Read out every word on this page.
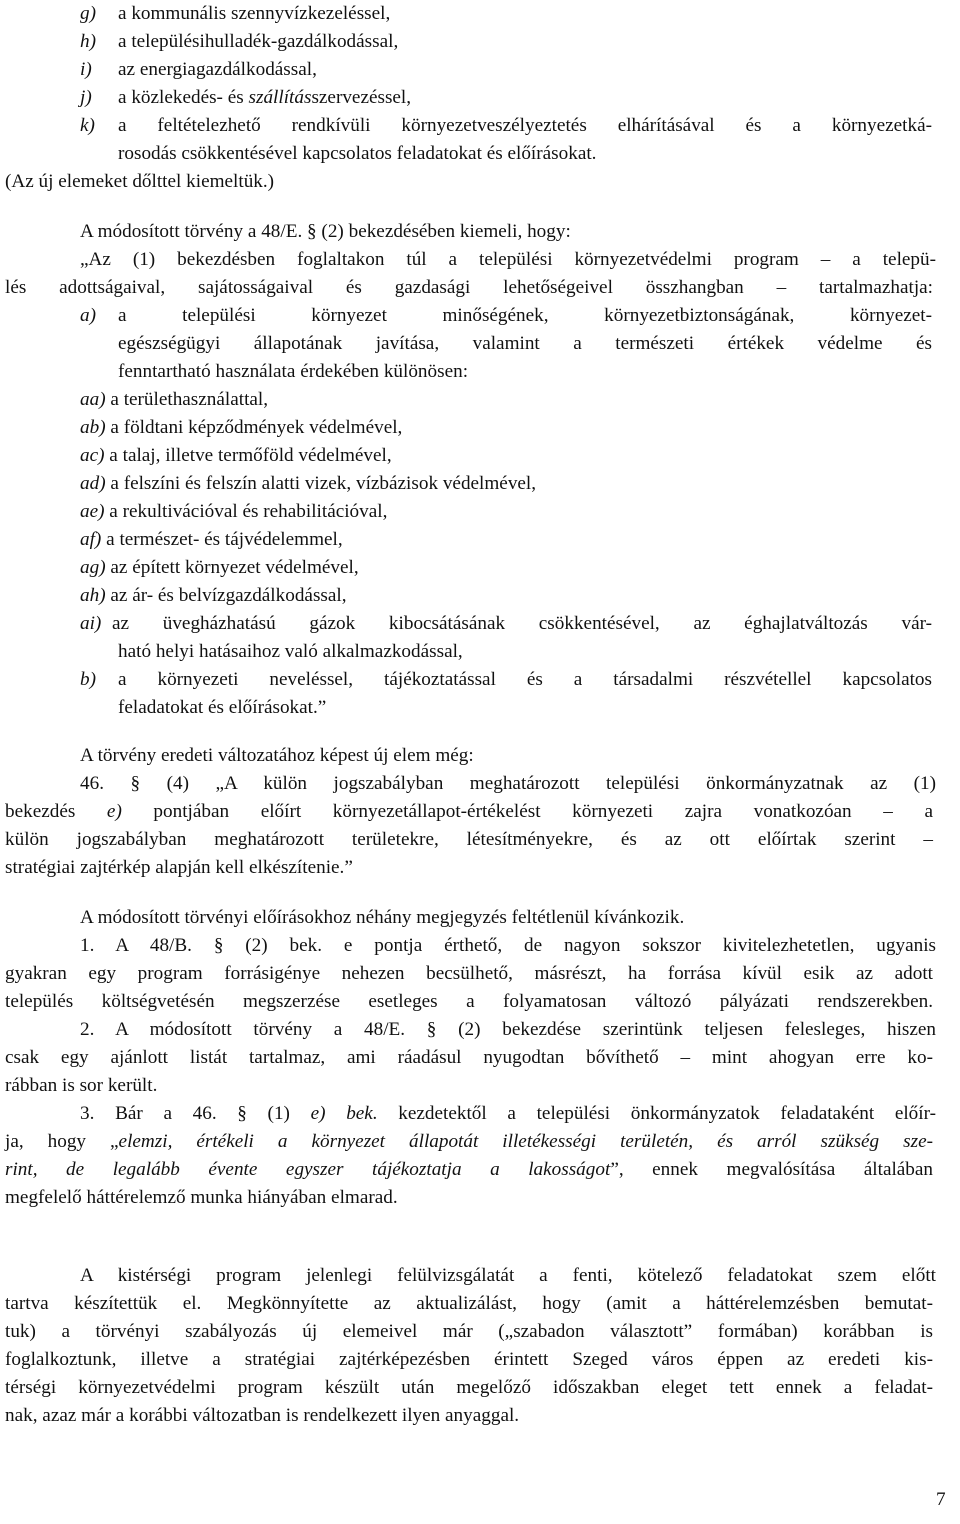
g) a kommunális szennyvízkezeléssel,
h) a településihulladék-gazdálkodással,
i) az energiagazdálkodással,
j) a közlekedés- és szállításszervezéssel,
k)	a feltételezhető rendkívüli környezetveszélyeztetés elhárításával és a környezetká-
rosodás csökkentésével kapcsolatos feladatokat és előírásokat.
(Az új elemeket dőlttel kiemeltük.)
A módosított törvény a 48/E. § (2) bekezdésében kiemeli, hogy:
„Az (1) bekezdésben foglaltakon túl a települési környezetvédelmi program – a telepü-
lés adottságaival, sajátosságaival és gazdasági lehetőségeivel összhangban – tartalmazhatja:
a)	a települési környezet minőségének, környezetbiztonságának, környezet-
egészségügyi állapotának javítása, valamint a természeti értékek védelme és
fenntartható használata érdekében különösen:
aa) a területhasználattal,
ab) a földtani képződmények védelmével,
ac) a talaj, illetve termőföld védelmével,
ad) a felszíni és felszín alatti vizek, vízbázisok védelmével,
ae) a rekultivációval és rehabilitációval,
af) a természet- és tájvédelemmel,
ag) az épített környezet védelmével,
ah) az ár- és belvízgazdálkodással,
ai) az üvegházhatású gázok kibocsátásának csökkentésével, az éghajlatváltozás vár-
ható helyi hatásaihoz való alkalmazkodással,
b)	a környezeti neveléssel, tájékoztatással és a társadalmi részvétellel kapcsolatos
feladatokat és előírásokat.”
A törvény eredeti változatához képest új elem még:
46. § (4) „A külön jogszabályban meghatározott települési önkormányzatnak az (1)
bekezdés e) pontjában előírt környezetállapot-értékelést környezeti zajra vonatkozóan – a
külön jogszabályban meghatározott területekre, létesítményekre, és az ott előírtak szerint –
stratégiai zajtérkép alapján kell elkészítenie.”
A módosított törvényi előírásokhoz néhány megjegyzés feltétlenül kívánkozik.
1. A 48/B. § (2) bek. e pontja érthető, de nagyon sokszor kivitelezhetetlen, ugyanis
gyakran egy program forrásigénye nehezen becsülhető, másrészt, ha forrása kívül esik az adott
település költségvetésén megszerzése esetleges a folyamatosan változó pályázati rendszerekben.
2. A módosított törvény a 48/E. § (2) bekezdése szerintünk teljesen felesleges, hiszen
csak egy ajánlott listát tartalmaz, ami ráadásul nyugodtan bővíthető – mint ahogyan erre ko-
rábban is sor került.
3. Bár a 46. § (1) e) bek. kezdetektől a települési önkormányzatok feladataként előír-
ja, hogy „elemzi, értékeli a környezet állapotát illetékességi területén, és arról szükség sze-
rint, de legalább évente egyszer tájékoztatja a lakosságot”, ennek megvalósítása általában
megfelelő háttérelemző munka hiányában elmarad.
A kistérségi program jelenlegi felülvizsgálatát a fenti, kötelező feladatokat szem előtt
tartva készítettük el. Megkönnyítette az aktualizálást, hogy (amit a háttérelemzésben bemutat-
tuk) a törvényi szabályozás új elemeivel már („szabadon választott” formában) korábban is
foglalkoztunk, illetve a stratégiai zajtérképezésben érintett Szeged város éppen az eredeti kis-
térségi környezetvédelmi program készült után megelőző időszakban eleget tett ennek a feladat-
nak, azaz már a korábbi változatban is rendelkezett ilyen anyaggal.
7
